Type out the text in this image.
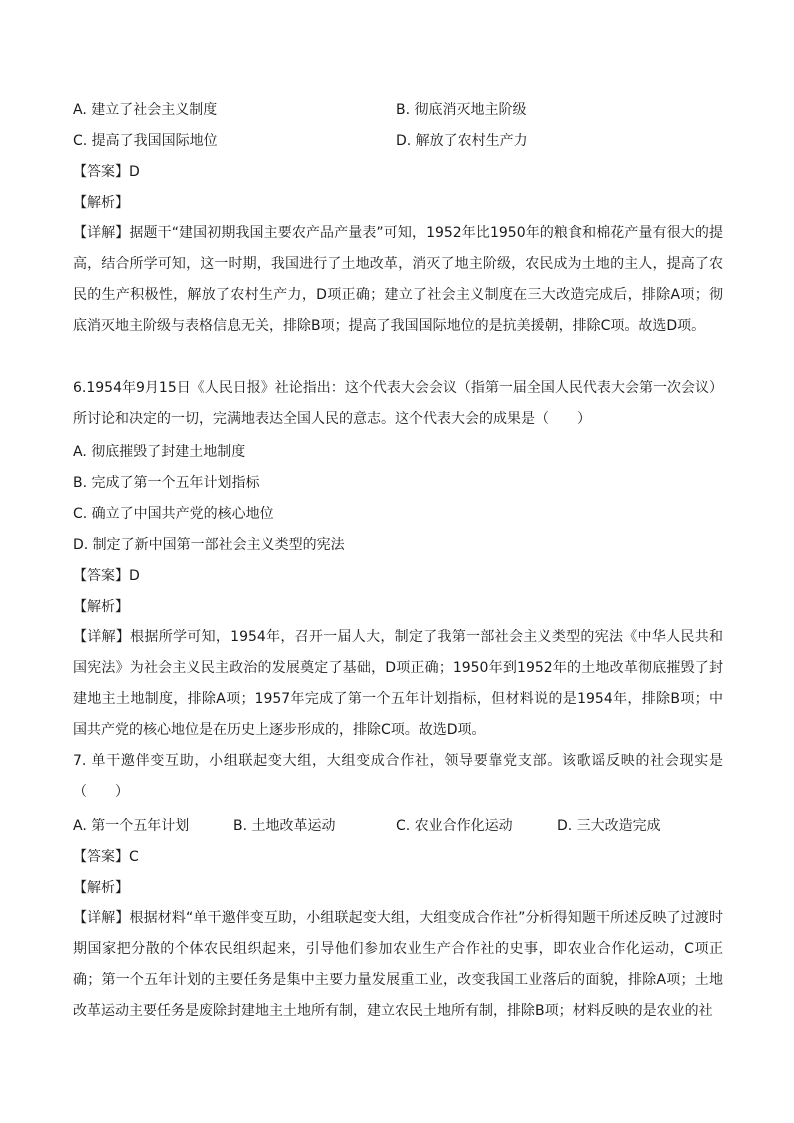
A. 建立了社会主义制度	B. 彻底消灭地主阶级
C. 提高了我国国际地位	D. 解放了农村生产力
【答案】D
【解析】
【详解】据题干“建国初期我国主要农产品产量表”可知，1952年比1950年的粮食和棉花产量有很大的提高，结合所学可知，这一时期，我国进行了土地改革，消灭了地主阶级，农民成为土地的主人，提高了农民的生产积极性，解放了农村生产力，D项正确；建立了社会主义制度在三大改造完成后，排除A项；彻底消灭地主阶级与表格信息无关，排除B项；提高了我国国际地位的是抗美援朝，排除C项。故选D项。
6.1954年9月15日《人民日报》社论指出：这个代表大会会议（指第一届全国人民代表大会第一次会议）所讨论和决定的一切，完满地表达全国人民的意志。这个代表大会的成果是（　　）
A. 彻底摧毁了封建土地制度
B. 完成了第一个五年计划指标
C. 确立了中国共产党的核心地位
D. 制定了新中国第一部社会主义类型的宪法
【答案】D
【解析】
【详解】根据所学可知，1954年，召开一届人大，制定了我第一部社会主义类型的宪法《中华人民共和国宪法》为社会主义民主政治的发展奠定了基础，D项正确；1950年到1952年的土地改革彻底摧毁了封建地主土地制度，排除A项；1957年完成了第一个五年计划指标，但材料说的是1954年，排除B项；中国共产党的核心地位是在历史上逐步形成的，排除C项。故选D项。
7. 单干邀伴变互助，小组联起变大组，大组变成合作社，领导要靠党支部。该歌谣反映的社会现实是（　　）
A. 第一个五年计划	B. 土地改革运动	C. 农业合作化运动	D. 三大改造完成
【答案】C
【解析】
【详解】根据材料“单干邀伴变互助，小组联起变大组，大组变成合作社”分析得知题干所述反映了过渡时期国家把分散的个体农民组织起来，引导他们参加农业生产合作社的史事，即农业合作化运动，C项正确；第一个五年计划的主要任务是集中主要力量发展重工业，改变我国工业落后的面貌，排除A项；土地改革运动主要任务是废除封建地主土地所有制，建立农民土地所有制，排除B项；材料反映的是农业的社
